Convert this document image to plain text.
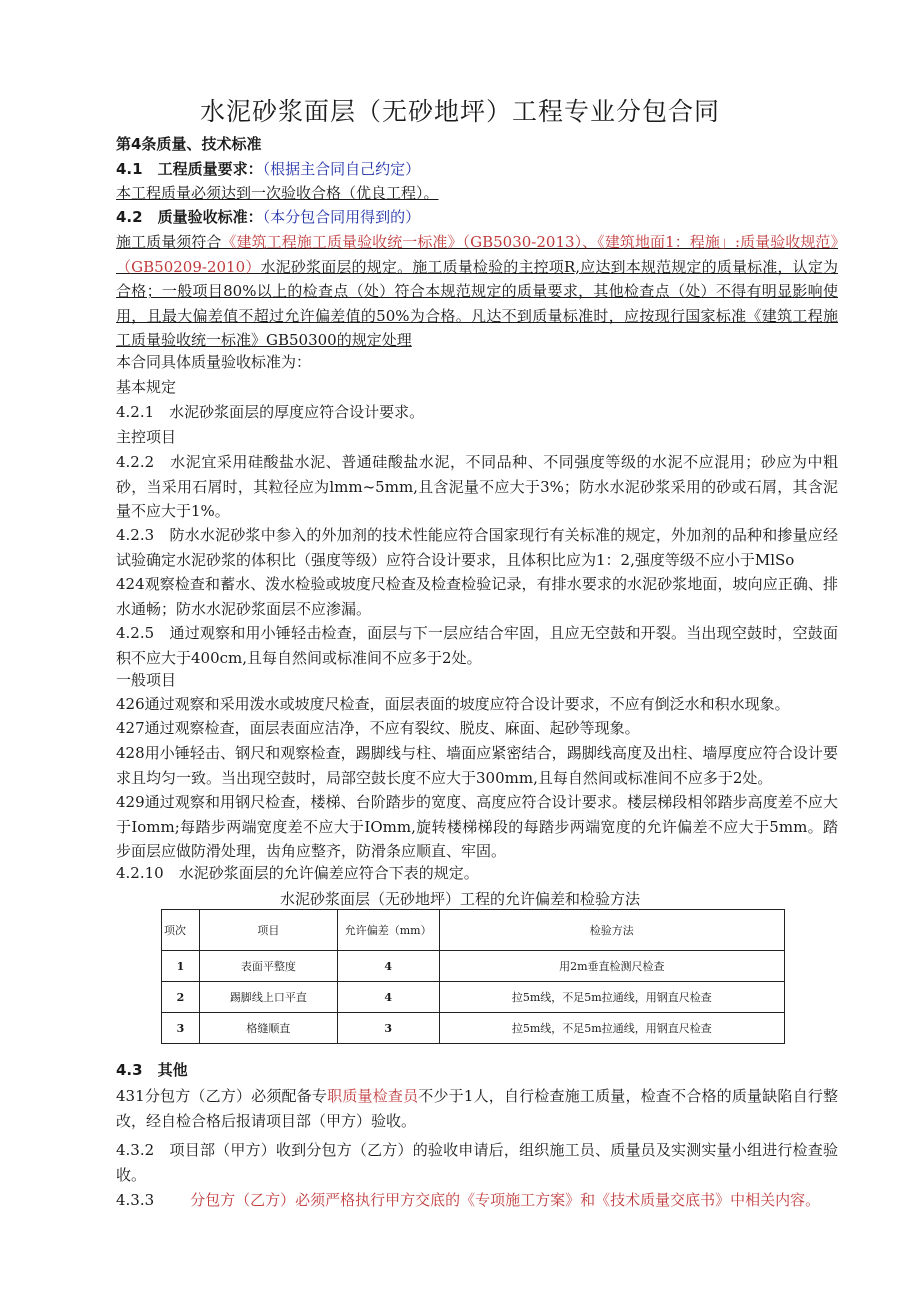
水泥砂浆面层（无砂地坪）工程专业分包合同
第4条质量、技术标准
4.1　工程质量要求：（根据主合同自己约定）
本工程质量必须达到一次验收合格（优良工程）。
4.2　质量验收标准：（本分包合同用得到的）
施工质量须符合《建筑工程施工质量验收统一标准》（GB5030-2013）、《建筑地面1：程施」:质量验收规范》（GB50209-2010）水泥砂浆面层的规定。施工质量检验的主控项R,应达到本规范规定的质量标准，认定为合格；一般项目80%以上的检查点（处）符合本规范规定的质量要求，其他检查点（处）不得有明显影响使用，且最大偏差值不超过允许偏差值的50%为合格。凡达不到质量标准时，应按现行国家标准《建筑工程施工质量验收统一标准》GB50300的规定处理
本合同具体质量验收标准为：
基本规定
4.2.1　水泥砂浆面层的厚度应符合设计要求。
主控项目
4.2.2　水泥宜采用硅酸盐水泥、普通硅酸盐水泥，不同品种、不同强度等级的水泥不应混用；砂应为中粗砂，当采用石屑时，其粒径应为lmm~5mm,且含泥量不应大于3%；防水水泥砂浆采用的砂或石屑，其含泥量不应大于1%。
4.2.3　防水水泥砂浆中参入的外加剂的技术性能应符合国家现行有关标准的规定，外加剂的品种和掺量应经试验确定水泥砂浆的体积比（强度等级）应符合设计要求，且体积比应为1：2,强度等级不应小于MlSo
424观察检查和蓄水、泼水检验或坡度尺检查及检查检验记录，有排水要求的水泥砂浆地面，坡向应正确、排水通畅；防水水泥砂浆面层不应渗漏。
4.2.5　通过观察和用小锤轻击检查，面层与下一层应结合牢固，且应无空鼓和开裂。当出现空鼓时，空鼓面积不应大于400cm,且每自然间或标准间不应多于2处。
一般项目
426通过观察和采用泼水或坡度尺检查，面层表面的坡度应符合设计要求，不应有倒泛水和积水现象。
427通过观察检查，面层表面应洁净，不应有裂纹、脱皮、麻面、起砂等现象。
428用小锤轻击、钢尺和观察检查，踢脚线与柱、墙面应紧密结合，踢脚线高度及出柱、墙厚度应符合设计要求且均匀一致。当出现空鼓时，局部空鼓长度不应大于300mm,且每自然间或标准间不应多于2处。
429通过观察和用钢尺检查，楼梯、台阶踏步的宽度、高度应符合设计要求。楼层梯段相邻踏步高度差不应大于Iomm;每踏步两端宽度差不应大于IOmm,旋转楼梯梯段的每踏步两端宽度的允许偏差不应大于5mm。踏步面层应做防滑处理，齿角应整齐，防滑条应顺直、牢固。
4.2.10　水泥砂浆面层的允许偏差应符合下表的规定。
水泥砂浆面层（无砂地坪）工程的允许偏差和检验方法
项次	项目	允许偏差（mm）	检验方法
1	表面平整度	4	用2m垂直检测尺检查
2	踢脚线上口平直	4	拉5m线，不足5m拉通线，用钢直尺检查
3	格缝顺直	3	拉5m线，不足5m拉通线，用钢直尺检查
4.3　其他
431分包方（乙方）必须配备专职质量检查员不少于1人，自行检查施工质量，检查不合格的质量缺陷自行整改，经自检合格后报请项目部（甲方）验收。
4.3.2　项目部（甲方）收到分包方（乙方）的验收申请后，组织施工员、质量员及实测实量小组进行检查验收。
4.3.3 分包方（乙方）必须严格执行甲方交底的《专项施工方案》和《技术质量交底书》中相关内容。
